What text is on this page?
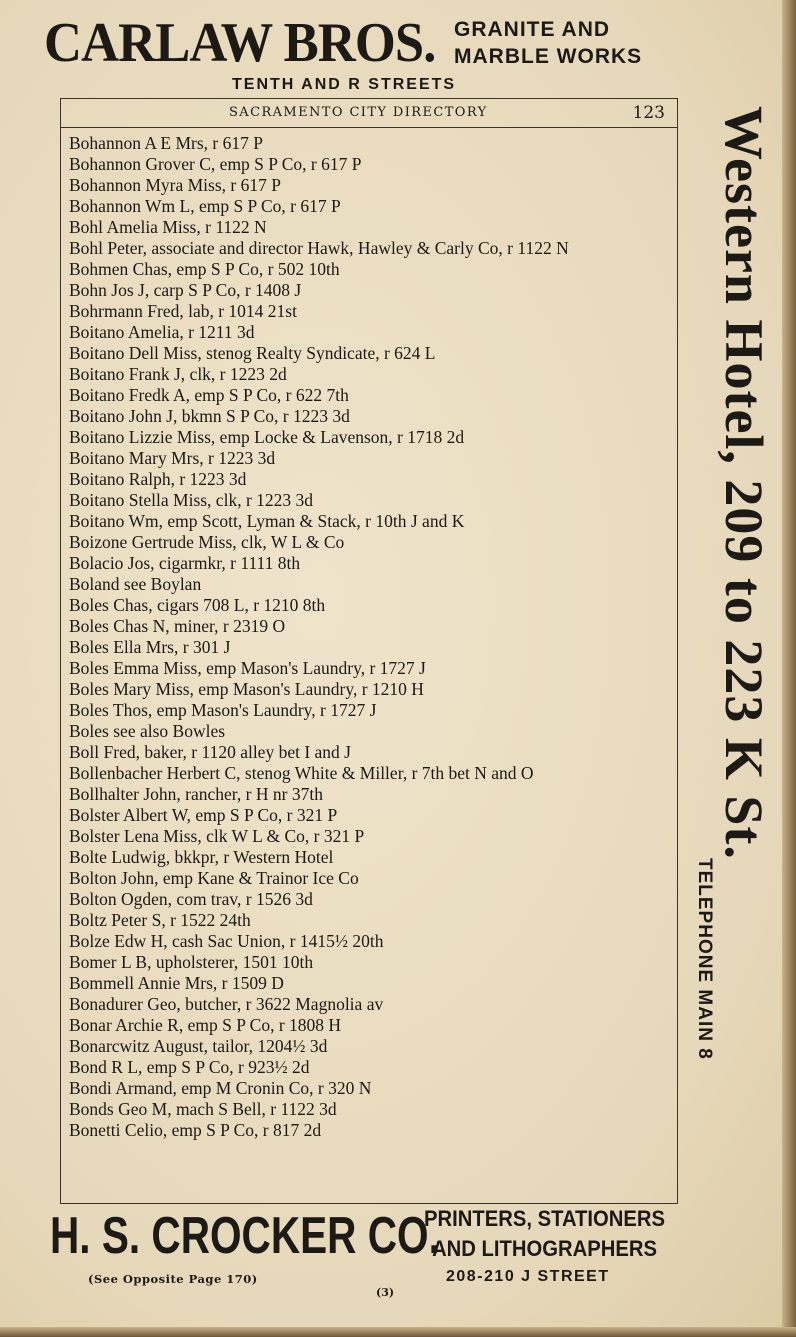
CARLAW BROS. GRANITE AND
MARBLE WORKS
TENTH AND R STREETS
SACRAMENTO CITY DIRECTORY	123
Bohannon A E Mrs, r 617 P
Bohannon Grover C, emp S P Co, r 617 P
Bohannon Myra Miss, r 617 P
Bohannon Wm L, emp S P Co, r 617 P
Bohl Amelia Miss, r 1122 N
Bohl Peter, associate and director Hawk, Hawley & Carly Co, r 1122 N
Bohmen Chas, emp S P Co, r 502 10th
Bohn Jos J, carp S P Co, r 1408 J
Bohrmann Fred, lab, r 1014 21st
Boitano Amelia, r 1211 3d
Boitano Dell Miss, stenog Realty Syndicate, r 624 L
Boitano Frank J, clk, r 1223 2d
Boitano Fredk A, emp S P Co, r 622 7th
Boitano John J, bkmn S P Co, r 1223 3d
Boitano Lizzie Miss, emp Locke & Lavenson, r 1718 2d
Boitano Mary Mrs, r 1223 3d
Boitano Ralph, r 1223 3d
Boitano Stella Miss, clk, r 1223 3d
Boitano Wm, emp Scott, Lyman & Stack, r 10th J and K
Boizone Gertrude Miss, clk, W L & Co
Bolacio Jos, cigarmkr, r 1111 8th
Boland see Boylan
Boles Chas, cigars 708 L, r 1210 8th
Boles Chas N, miner, r 2319 O
Boles Ella Mrs, r 301 J
Boles Emma Miss, emp Mason's Laundry, r 1727 J
Boles Mary Miss, emp Mason's Laundry, r 1210 H
Boles Thos, emp Mason's Laundry, r 1727 J
Boles see also Bowles
Boll Fred, baker, r 1120 alley bet I and J
Bollenbacher Herbert C, stenog White & Miller, r 7th bet N and O
Bollhalter John, rancher, r H nr 37th
Bolster Albert W, emp S P Co, r 321 P
Bolster Lena Miss, clk W L & Co, r 321 P
Bolte Ludwig, bkkpr, r Western Hotel
Bolton John, emp Kane & Trainor Ice Co
Bolton Ogden, com trav, r 1526 3d
Boltz Peter S, r 1522 24th
Bolze Edw H, cash Sac Union, r 1415½ 20th
Bomer L B, upholsterer, 1501 10th
Bommell Annie Mrs, r 1509 D
Bonadurer Geo, butcher, r 3622 Magnolia av
Bonar Archie R, emp S P Co, r 1808 H
Bonarcwitz August, tailor, 1204½ 3d
Bond R L, emp S P Co, r 923½ 2d
Bondi Armand, emp M Cronin Co, r 320 N
Bonds Geo M, mach S Bell, r 1122 3d
Bonetti Celio, emp S P Co, r 817 2d
Western Hotel, 209 to 223 K St.
TELEPHONE MAIN 8
H. S. CROCKER CO.
PRINTERS, STATIONERS
AND LITHOGRAPHERS
(See Opposite Page 170)	208-210 J STREET
(3)
